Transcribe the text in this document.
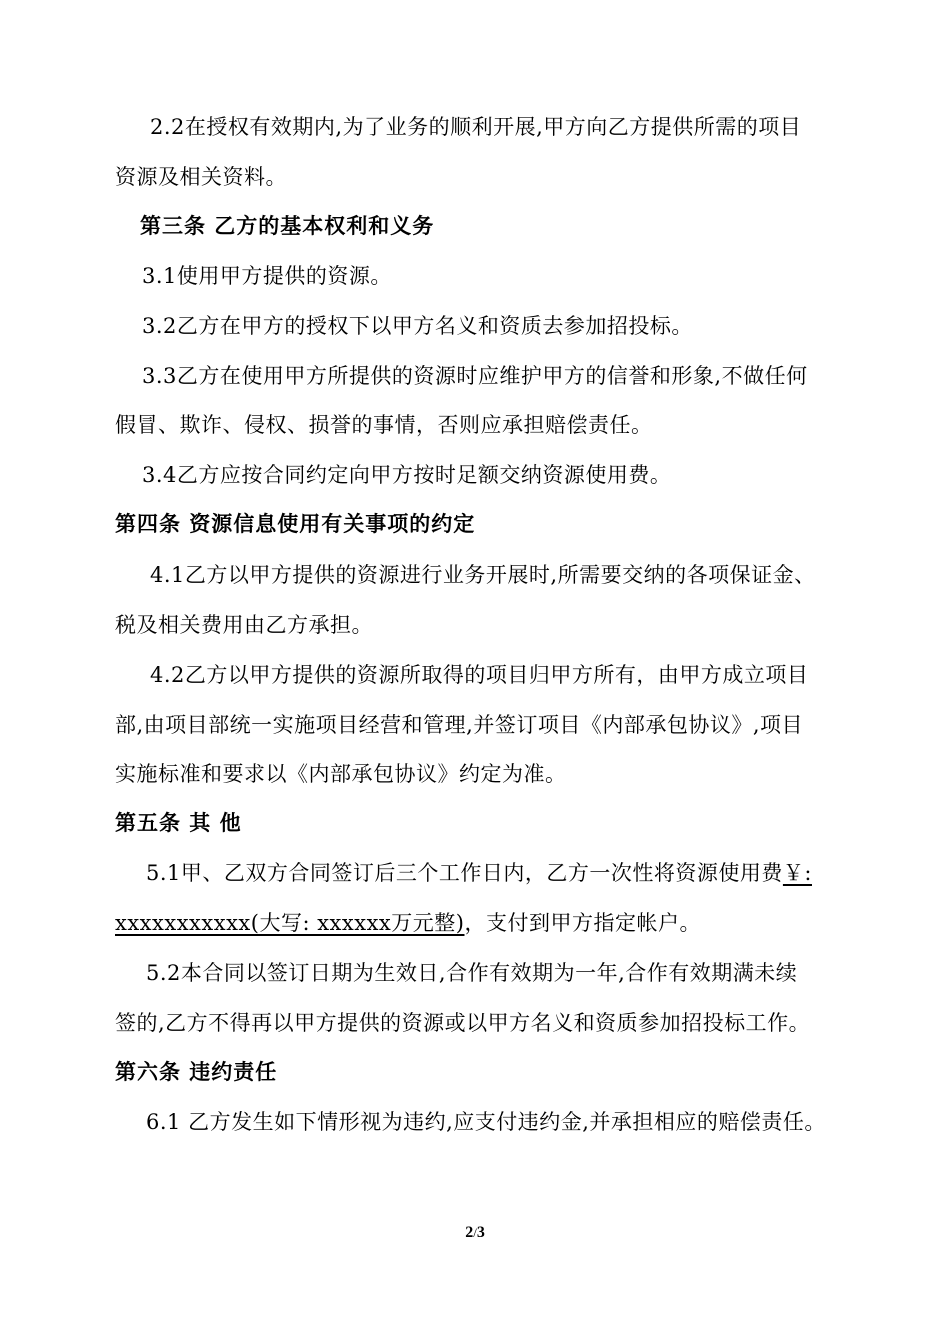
2.2在授权有效期内,为了业务的顺利开展,甲方向乙方提供所需的项目
资源及相关资料。
第三条 乙方的基本权利和义务
3.1使用甲方提供的资源。
3.2乙方在甲方的授权下以甲方名义和资质去参加招投标。
3.3乙方在使用甲方所提供的资源时应维护甲方的信誉和形象,不做任何
假冒、欺诈、侵权、损誉的事情，否则应承担赔偿责任。
3.4乙方应按合同约定向甲方按时足额交纳资源使用费。
第四条 资源信息使用有关事项的约定
4.1乙方以甲方提供的资源进行业务开展时,所需要交纳的各项保证金、
税及相关费用由乙方承担。
4.2乙方以甲方提供的资源所取得的项目归甲方所有，由甲方成立项目
部,由项目部统一实施项目经营和管理,并签订项目《内部承包协议》,项目
实施标准和要求以《内部承包协议》约定为准。
第五条 其 他
5.1甲、乙双方合同签订后三个工作日内，乙方一次性将资源使用费￥:
xxxxxxxxxxx(大写: xxxxxx万元整)，支付到甲方指定帐户。
5.2本合同以签订日期为生效日,合作有效期为一年,合作有效期满未续
签的,乙方不得再以甲方提供的资源或以甲方名义和资质参加招投标工作。
第六条 违约责任
6.1 乙方发生如下情形视为违约,应支付违约金,并承担相应的赔偿责任。
2/3
